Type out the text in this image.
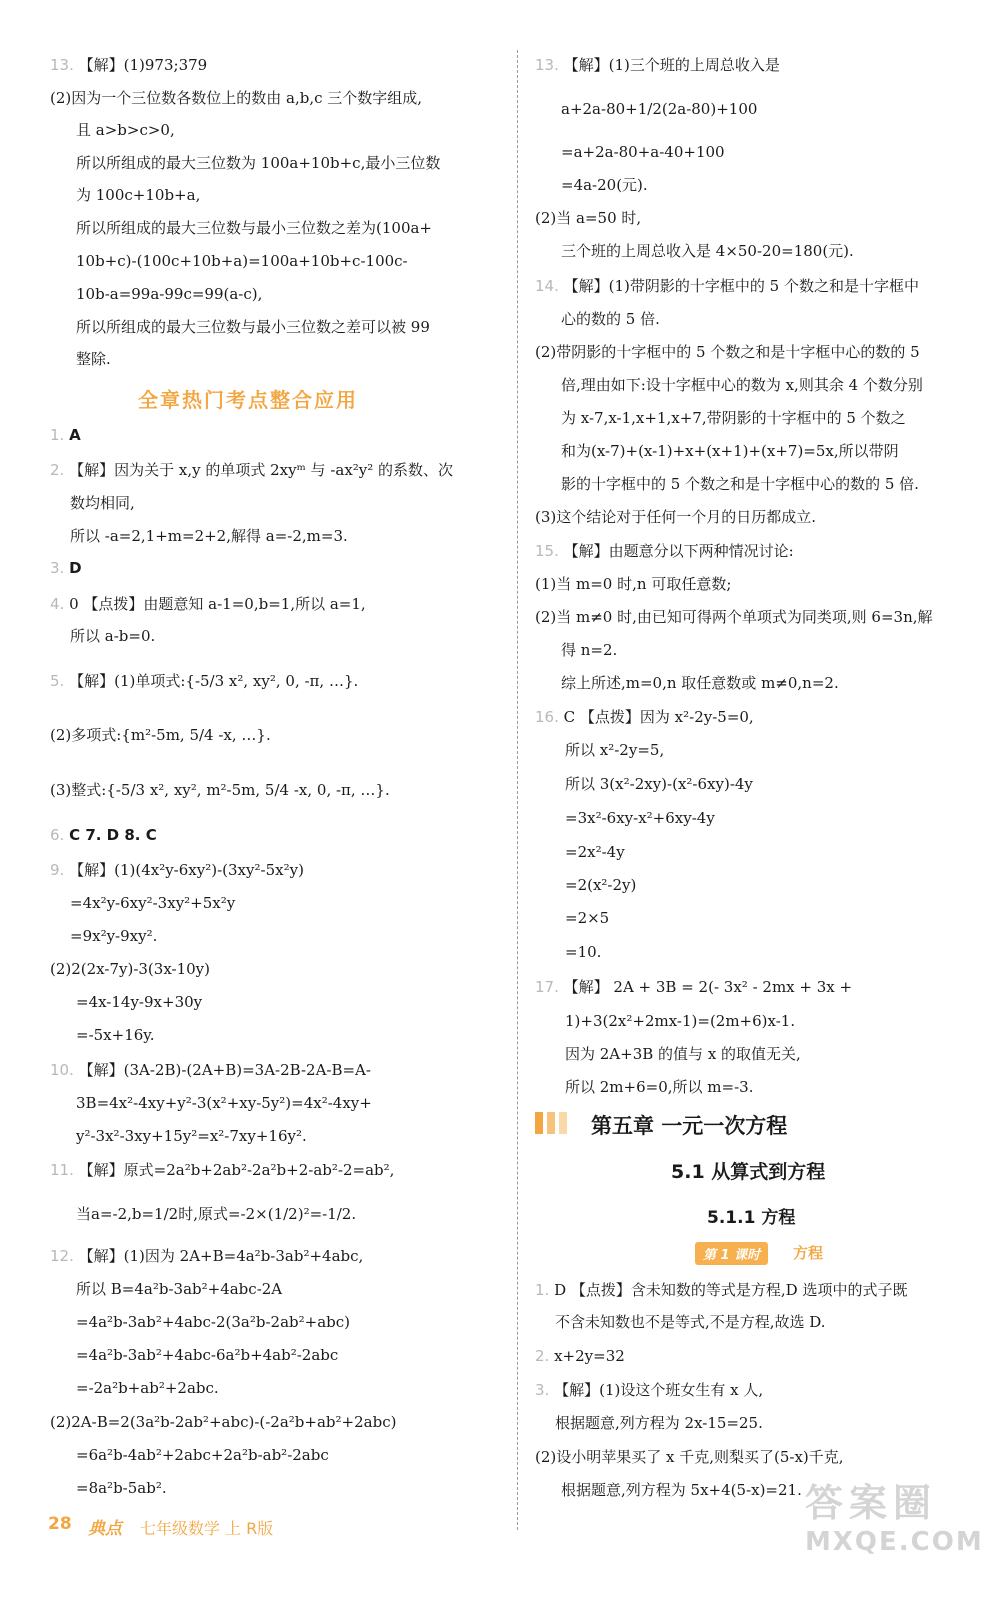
全章热门考点整合应用
13. 【解】(1)973;379
(2)因为一个三位数各数位上的数由 a,b,c 三个数字组成,
且 a>b>c>0,
所以所组成的最大三位数为 100a+10b+c,最小三位数
为 100c+10b+a,
所以所组成的最大三位数与最小三位数之差为(100a+
10b+c)-(100c+10b+a)=100a+10b+c-100c-
10b-a=99a-99c=99(a-c),
所以所组成的最大三位数与最小三位数之差可以被 99
整除.
1. A
2. 【解】因为关于 x,y 的单项式 2xyᵐ 与 -ax²y² 的系数、次
数均相同,
所以 -a=2,1+m=2+2,解得 a=-2,m=3.
3. D
4. 0 【点拨】由题意知 a-1=0,b=1,所以 a=1,
所以 a-b=0.
5. 【解】(1)单项式:{-5/3 x², xy², 0, -π, …}.
(2)多项式:{m²-5m, 5/4 -x, …}.
(3)整式:{-5/3 x², xy², m²-5m, 5/4 -x, 0, -π, …}.
6. C 7. D 8. C
9. 【解】(1)(4x²y-6xy²)-(3xy²-5x²y)
=4x²y-6xy²-3xy²+5x²y
=9x²y-9xy².
(2)2(2x-7y)-3(3x-10y)
=4x-14y-9x+30y
=-5x+16y.
10. 【解】(3A-2B)-(2A+B)=3A-2B-2A-B=A-
3B=4x²-4xy+y²-3(x²+xy-5y²)=4x²-4xy+
y²-3x²-3xy+15y²=x²-7xy+16y².
11. 【解】原式=2a²b+2ab²-2a²b+2-ab²-2=ab²,
当a=-2,b=1/2时,原式=-2×(1/2)²=-1/2.
12. 【解】(1)因为 2A+B=4a²b-3ab²+4abc,
所以 B=4a²b-3ab²+4abc-2A
=4a²b-3ab²+4abc-2(3a²b-2ab²+abc)
=4a²b-3ab²+4abc-6a²b+4ab²-2abc
=-2a²b+ab²+2abc.
(2)2A-B=2(3a²b-2ab²+abc)-(-2a²b+ab²+2abc)
=6a²b-4ab²+2abc+2a²b-ab²-2abc
=8a²b-5ab².
第五章 一元一次方程
5.1 从算式到方程
5.1.1 方程
第 1 课时	方程
13. 【解】(1)三个班的上周总收入是
a+2a-80+1/2(2a-80)+100
=a+2a-80+a-40+100
=4a-20(元).
(2)当 a=50 时,
三个班的上周总收入是 4×50-20=180(元).
14. 【解】(1)带阴影的十字框中的 5 个数之和是十字框中
心的数的 5 倍.
(2)带阴影的十字框中的 5 个数之和是十字框中心的数的 5
倍,理由如下:设十字框中心的数为 x,则其余 4 个数分别
为 x-7,x-1,x+1,x+7,带阴影的十字框中的 5 个数之
和为(x-7)+(x-1)+x+(x+1)+(x+7)=5x,所以带阴
影的十字框中的 5 个数之和是十字框中心的数的 5 倍.
(3)这个结论对于任何一个月的日历都成立.
15. 【解】由题意分以下两种情况讨论:
(1)当 m=0 时,n 可取任意数;
(2)当 m≠0 时,由已知可得两个单项式为同类项,则 6=3n,解
得 n=2.
综上所述,m=0,n 取任意数或 m≠0,n=2.
16. C 【点拨】因为 x²-2y-5=0,
所以 x²-2y=5,
所以 3(x²-2xy)-(x²-6xy)-4y
=3x²-6xy-x²+6xy-4y
=2x²-4y
=2(x²-2y)
=2×5
=10.
17. 【解】 2A + 3B = 2(- 3x² - 2mx + 3x +
1)+3(2x²+2mx-1)=(2m+6)x-1.
因为 2A+3B 的值与 x 的取值无关,
所以 2m+6=0,所以 m=-3.
1. D 【点拨】含未知数的等式是方程,D 选项中的式子既
不含未知数也不是等式,不是方程,故选 D.
2. x+2y=32
3. 【解】(1)设这个班女生有 x 人,
根据题意,列方程为 2x-15=25.
(2)设小明苹果买了 x 千克,则梨买了(5-x)千克,
根据题意,列方程为 5x+4(5-x)=21.
28 典点 七年级数学 上 R版
答案圈
MXQE.COM
